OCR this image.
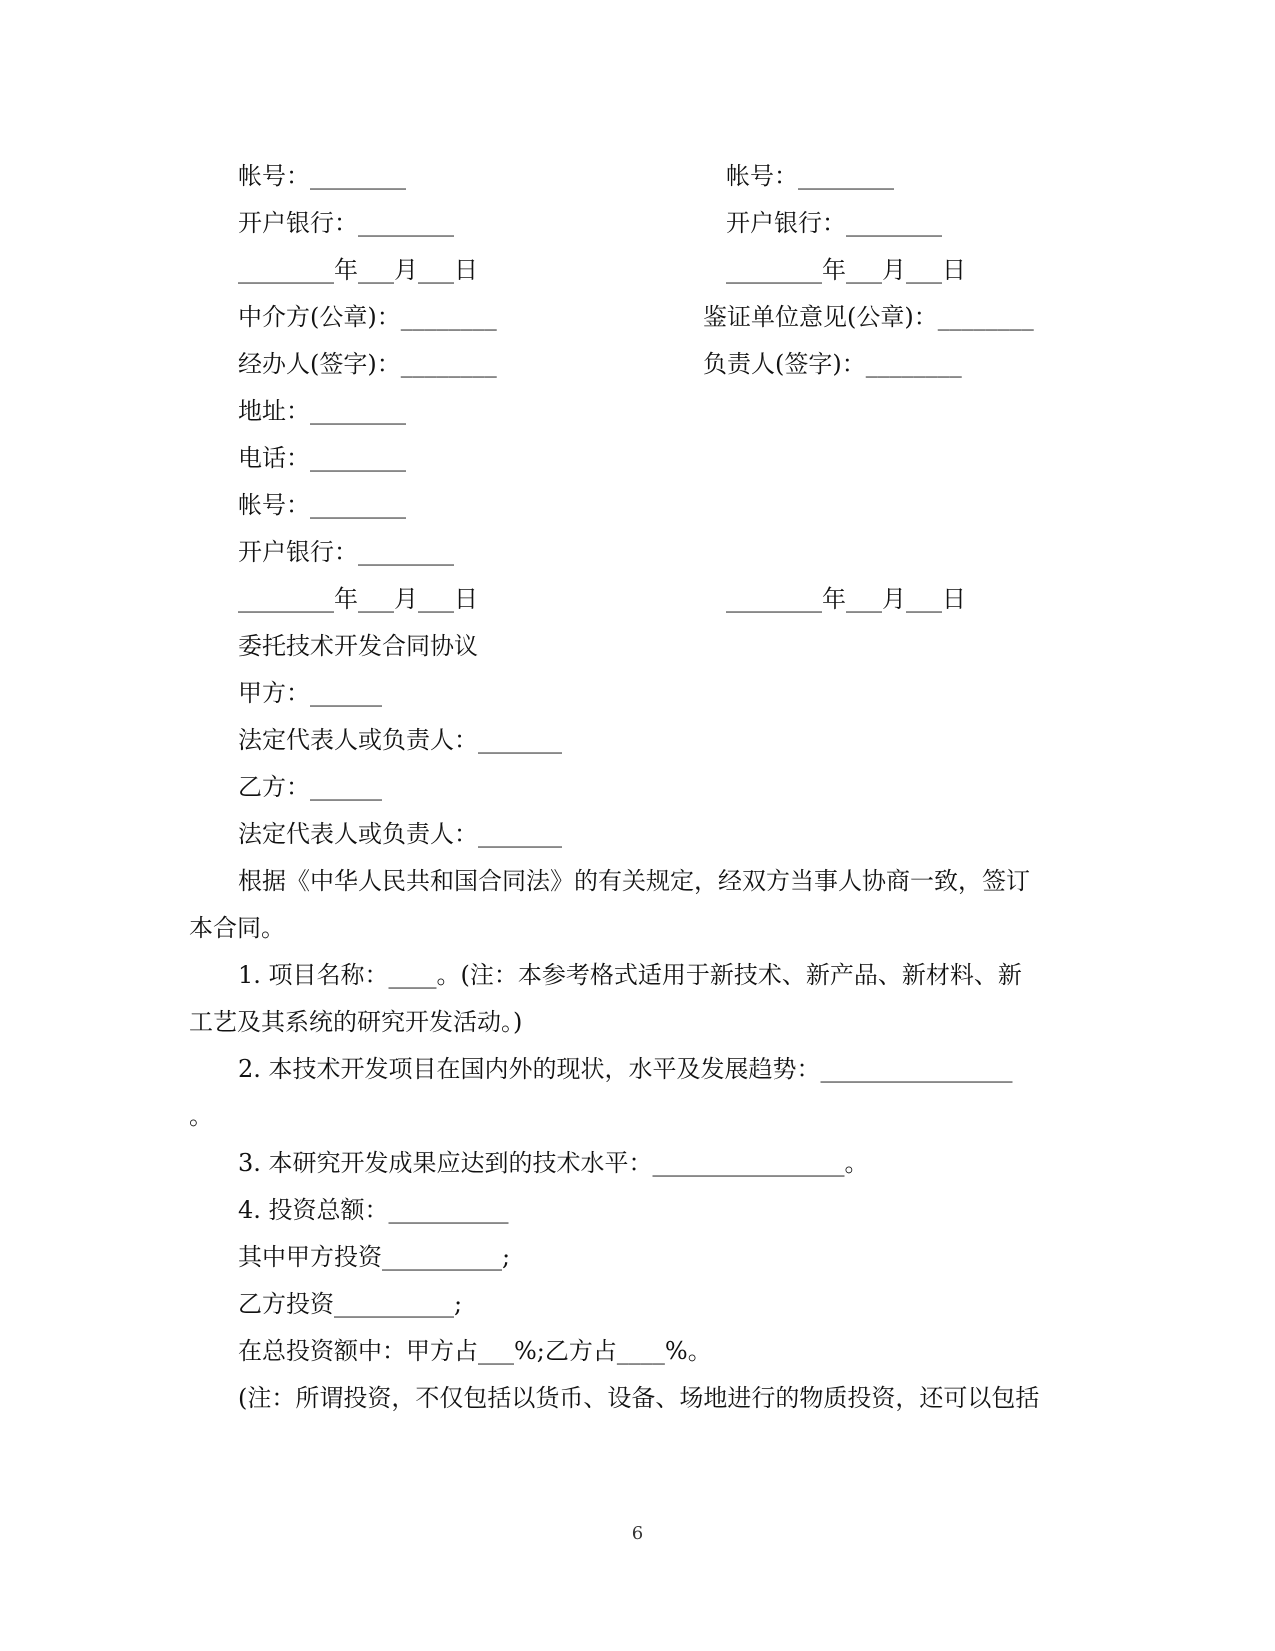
帐号：________	帐号：________
开户银行：________	开户银行：________
________年___月___日	________年___月___日
中介方(公章)：________	鉴证单位意见(公章)：________
经办人(签字)：________	负责人(签字)：________
地址：________
电话：________
帐号：________
开户银行：________
________年___月___日	________年___月___日
委托技术开发合同协议
甲方：______
法定代表人或负责人：_______
乙方：______
法定代表人或负责人：_______
根据《中华人民共和国合同法》的有关规定，经双方当事人协商一致，签订
本合同。
1. 项目名称：____。(注：本参考格式适用于新技术、新产品、新材料、新
工艺及其系统的研究开发活动。)
2. 本技术开发项目在国内外的现状，水平及发展趋势：________________
。
3. 本研究开发成果应达到的技术水平：________________。
4. 投资总额：__________
其中甲方投资__________;
乙方投资__________;
在总投资额中：甲方占___%;乙方占____%。
(注：所谓投资，不仅包括以货币、设备、场地进行的物质投资，还可以包括
6
